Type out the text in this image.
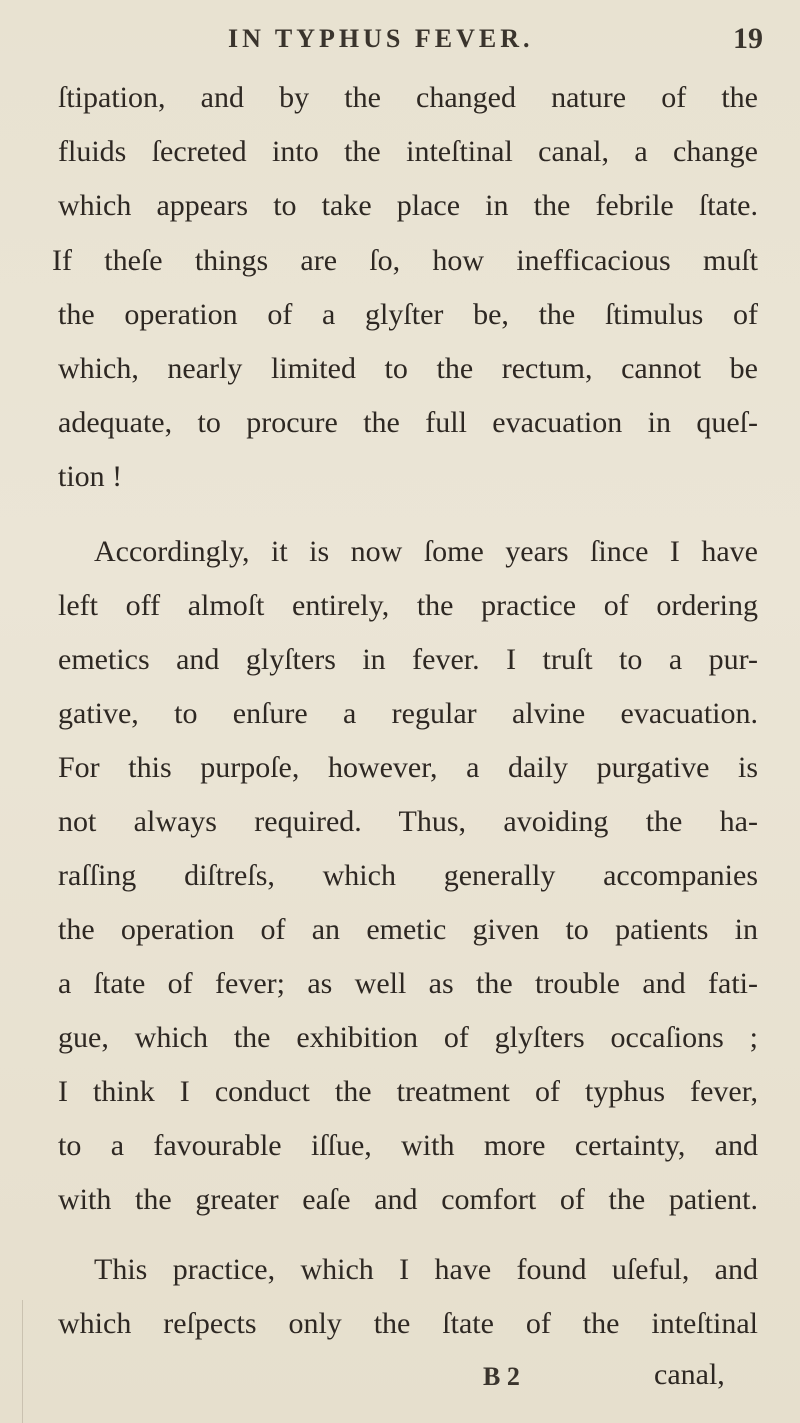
IN TYPHUS FEVER.	19
ſtipation, and by the changed nature of the
fluids ſecreted into the inteſtinal canal, a change
which appears to take place in the febrile ſtate.
If theſe things are ſo, how inefficacious muſt
the operation of a glyſter be, the ſtimulus of
which, nearly limited to the rectum, cannot be
adequate, to procure the full evacuation in queſ-
tion !
Accordingly, it is now ſome years ſince I have
left off almoſt entirely, the practice of ordering
emetics and glyſters in fever. I truſt to a pur-
gative, to enſure a regular alvine evacuation.
For this purpoſe, however, a daily purgative is
not always required. Thus, avoiding the ha-
raſſing diſtreſs, which generally accompanies
the operation of an emetic given to patients in
a ſtate of fever; as well as the trouble and fati-
gue, which the exhibition of glyſters occaſions ;
I think I conduct the treatment of typhus fever,
to a favourable iſſue, with more certainty, and
with the greater eaſe and comfort of the patient.
This practice, which I have found uſeful, and
which reſpects only the ſtate of the inteſtinal
B 2	canal,
